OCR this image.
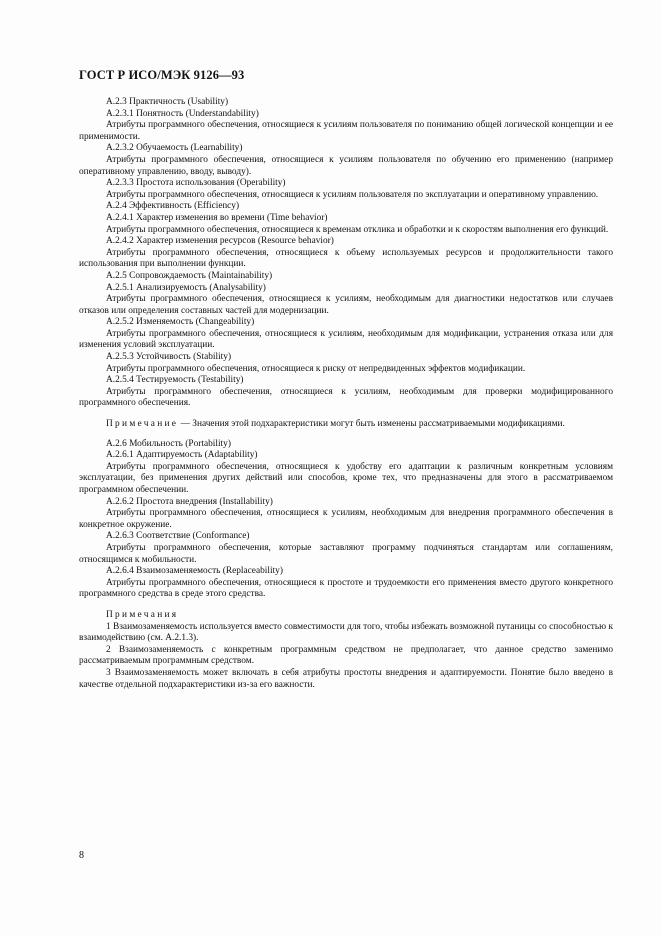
ГОСТ Р ИСО/МЭК 9126—93

А.2.3 Практичность (Usability)

А.2.3.1 Понятность (Understandability)

Атрибуты программного обеспечения, относящиеся к усилиям пользователя по пониманию общей логической концепции и ее применимости.

А.2.3.2 Обучаемость (Learnability)

Атрибуты программного обеспечения, относящиеся к усилиям пользователя по обучению его применению (например оперативному управлению, вводу, выводу).

А.2.3.3 Простота использования (Operability)

Атрибуты программного обеспечения, относящиеся к усилиям пользователя по эксплуатации и оперативному управлению.

А.2.4 Эффективность (Efficiency)

А.2.4.1 Характер изменения во времени (Time behavior)

Атрибуты программного обеспечения, относящиеся к временам отклика и обработки и к скоростям выполнения его функций.

А.2.4.2 Характер изменения ресурсов (Resource behavior)

Атрибуты программного обеспечения, относящиеся к объему используемых ресурсов и продолжительности такого использования при выполнении функции.

А.2.5 Сопровождаемость (Maintainability)

А.2.5.1 Анализируемость (Analysability)

Атрибуты программного обеспечения, относящиеся к усилиям, необходимым для диагностики недостатков или случаев отказов или определения составных частей для модернизации.

А.2.5.2 Изменяемость (Changeability)

Атрибуты программного обеспечения, относящиеся к усилиям, необходимым для модификации, устранения отказа или для изменения условий эксплуатации.

А.2.5.3 Устойчивость (Stability)

Атрибуты программного обеспечения, относящиеся к риску от непредвиденных эффектов модификации.

А.2.5.4 Тестируемость (Testability)

Атрибуты программного обеспечения, относящиеся к усилиям, необходимым для проверки модифицированного программного обеспечения.

Примечание — Значения этой подхарактеристики могут быть изменены рассматриваемыми модификациями.

А.2.6 Мобильность (Portability)

А.2.6.1 Адаптируемость (Adaptability)

Атрибуты программного обеспечения, относящиеся к удобству его адаптации к различным конкретным условиям эксплуатации, без применения других действий или способов, кроме тех, что предназначены для этого в рассматриваемом программном обеспечении.

А.2.6.2 Простота внедрения (Installability)

Атрибуты программного обеспечения, относящиеся к усилиям, необходимым для внедрения программного обеспечения в конкретное окружение.

А.2.6.3 Соответствие (Conformance)

Атрибуты программного обеспечения, которые заставляют программу подчиняться стандартам или соглашениям, относящимся к мобильности.

А.2.6.4 Взаимозаменяемость (Replaceability)

Атрибуты программного обеспечения, относящиеся к простоте и трудоемкости его применения вместо другого конкретного программного средства в среде этого средства.

Примечания

1 Взаимозаменяемость используется вместо совместимости для того, чтобы избежать возможной путаницы со способностью к взаимодействию (см. А.2.1.3).

2 Взаимозаменяемость с конкретным программным средством не предполагает, что данное средство заменимо рассматриваемым программным средством.

3 Взаимозаменяемость может включать в себя атрибуты простоты внедрения и адаптируемости. Понятие было введено в качестве отдельной подхарактеристики из-за его важности.

8
